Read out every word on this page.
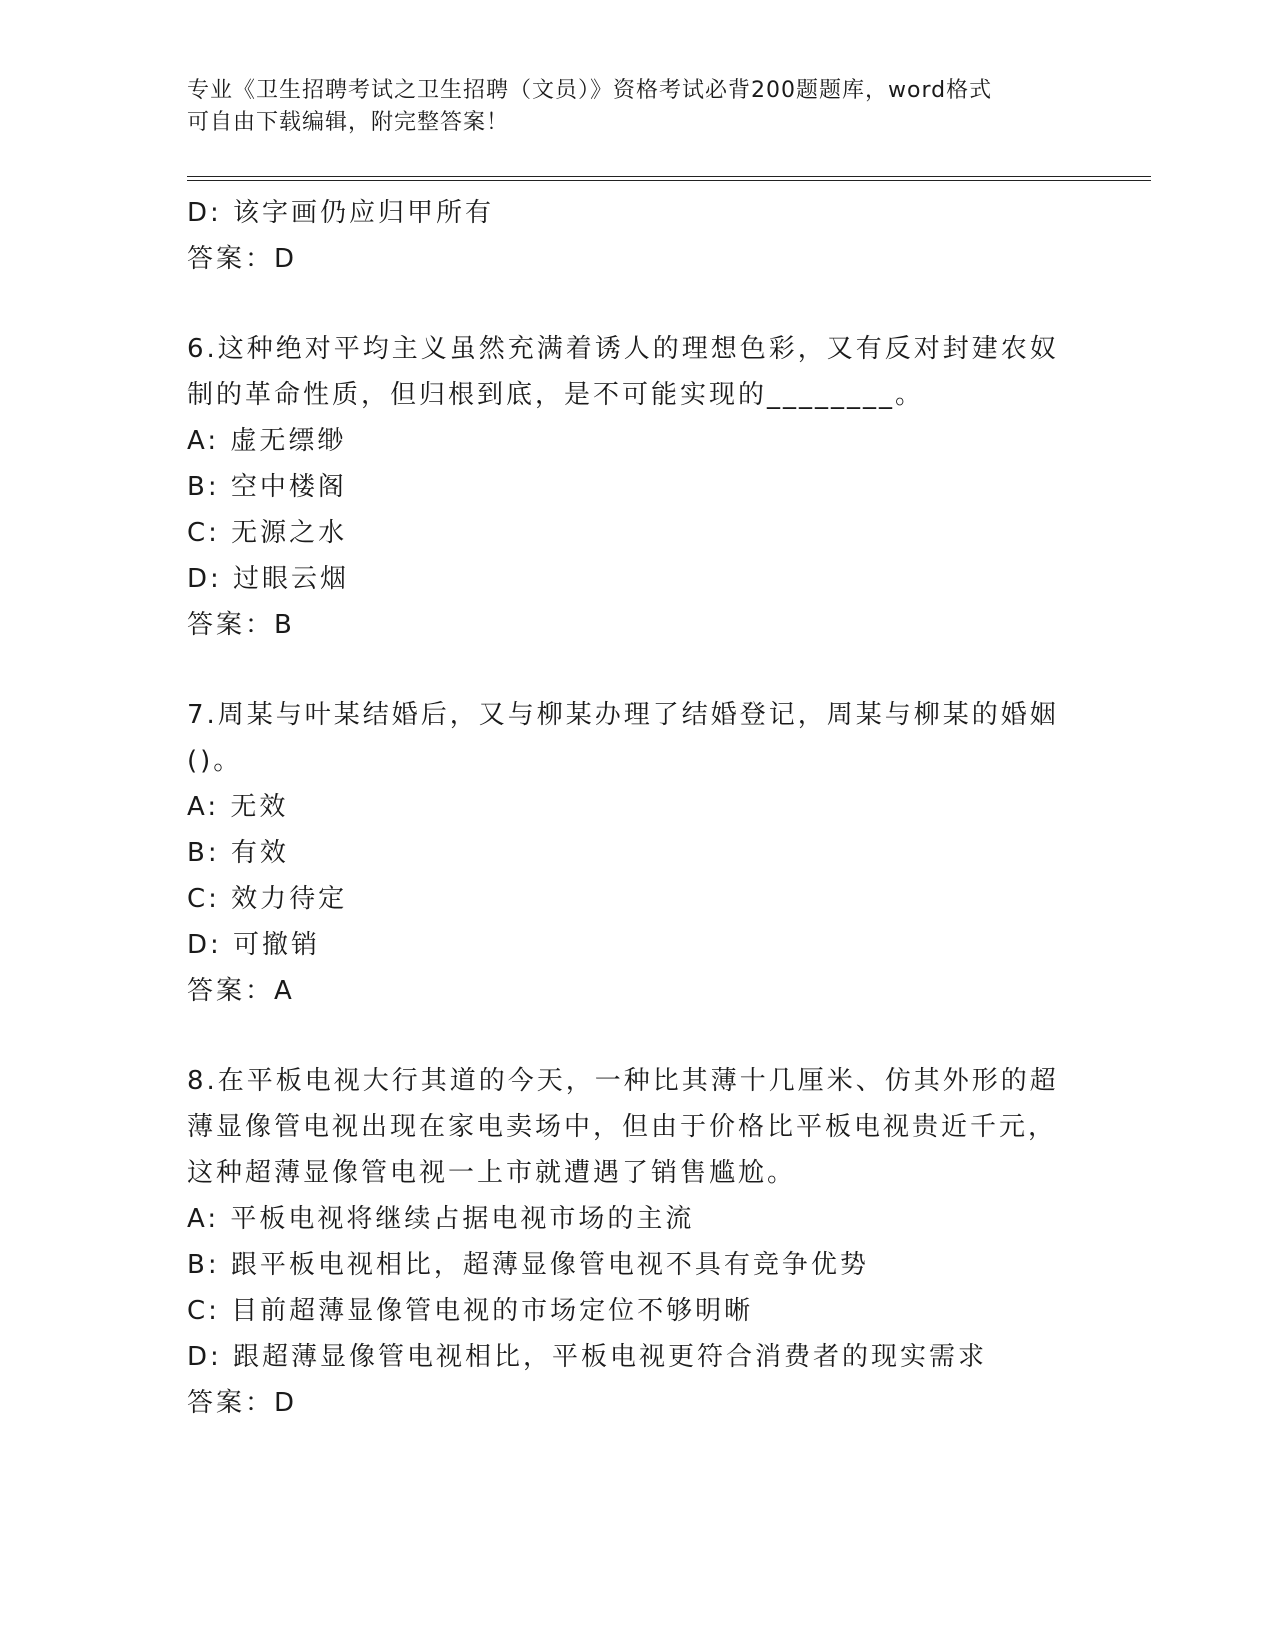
专业《卫生招聘考试之卫生招聘（文员）》资格考试必背200题题库，word格式
可自由下载编辑，附完整答案！
D: 该字画仍应归甲所有
答案：D
6.这种绝对平均主义虽然充满着诱人的理想色彩，又有反对封建农奴
制的革命性质，但归根到底，是不可能实现的________。
A: 虚无缥缈
B: 空中楼阁
C: 无源之水
D: 过眼云烟
答案：B
7.周某与叶某结婚后，又与柳某办理了结婚登记，周某与柳某的婚姻
()。
A: 无效
B: 有效
C: 效力待定
D: 可撤销
答案：A
8.在平板电视大行其道的今天，一种比其薄十几厘米、仿其外形的超
薄显像管电视出现在家电卖场中，但由于价格比平板电视贵近千元，
这种超薄显像管电视一上市就遭遇了销售尴尬。
A: 平板电视将继续占据电视市场的主流
B: 跟平板电视相比，超薄显像管电视不具有竞争优势
C: 目前超薄显像管电视的市场定位不够明晰
D: 跟超薄显像管电视相比，平板电视更符合消费者的现实需求
答案：D
